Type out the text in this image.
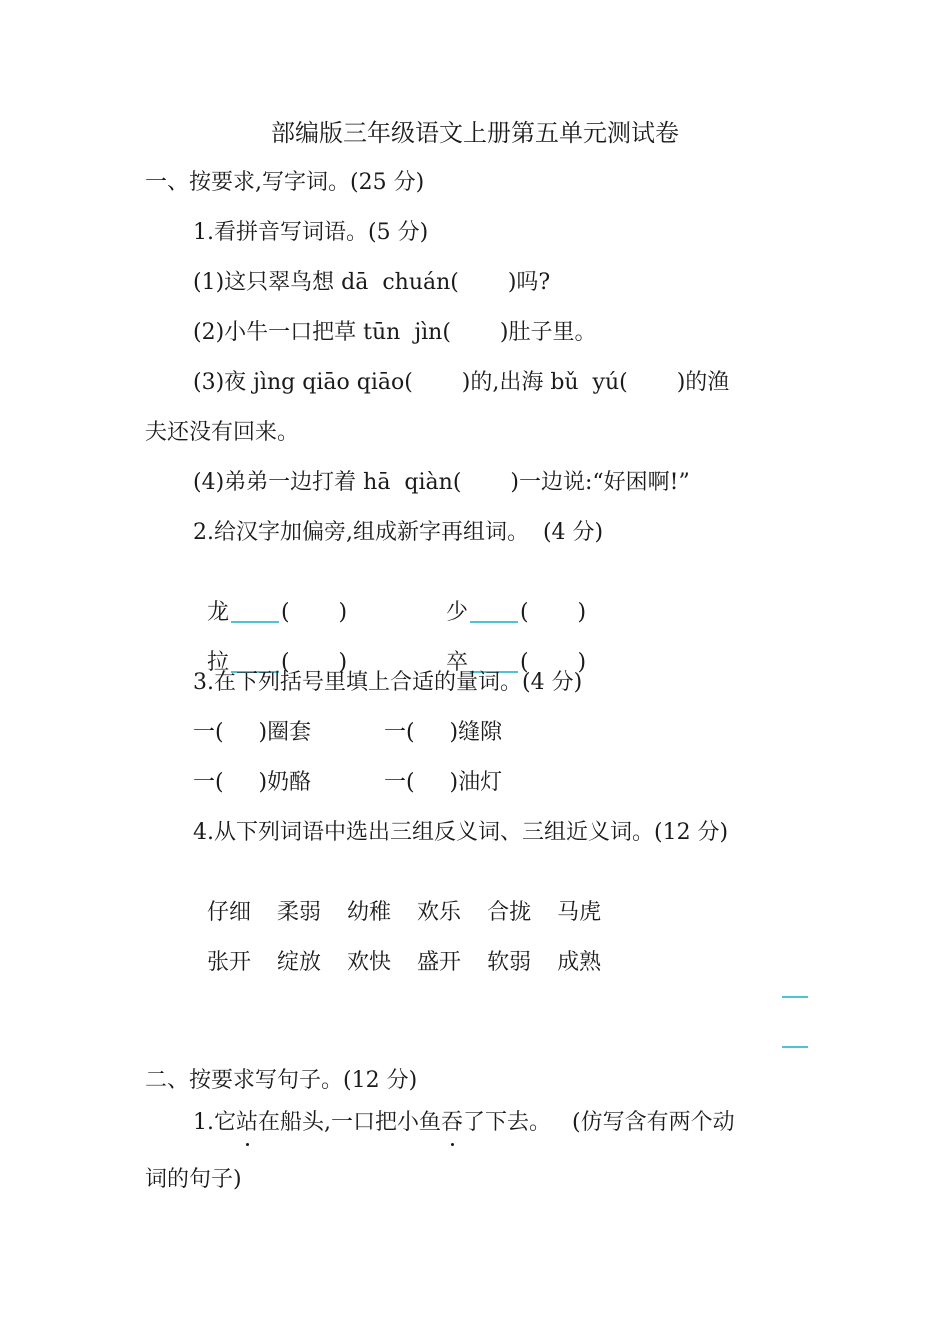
部编版三年级语文上册第五单元测试卷
一、按要求,写字词。(25 分)
1.看拼音写词语。(5 分)
(1)这只翠鸟想 dā  chuán(       )吗?
(2)小牛一口把草 tūn  jìn(       )肚子里。
(3)夜 jìng qiāo qiāo(       )的,出海 bǔ  yú(       )的渔
夫还没有回来。
(4)弟弟一边打着 hā  qiàn(       )一边说:“好困啊!”
2.给汉字加偏旁,组成新字再组词。  (4 分)

龙 (       )	少 (       )

拉 (       )	卒 (       )

3.在下列括号里填上合适的量词。(4 分)
一(     )圈套	一(     )缝隙
一(     )奶酪	一(     )油灯
4.从下列词语中选出三组反义词、三组近义词。(12 分)

仔细 柔弱 幼稚 欢乐 合拢 马虎

张开 绽放 欢快 盛开 软弱 成熟

二、按要求写句子。(12 分)
1.它站在船头,一口把小鱼吞了下去。   (仿写含有两个动
词的句子)
